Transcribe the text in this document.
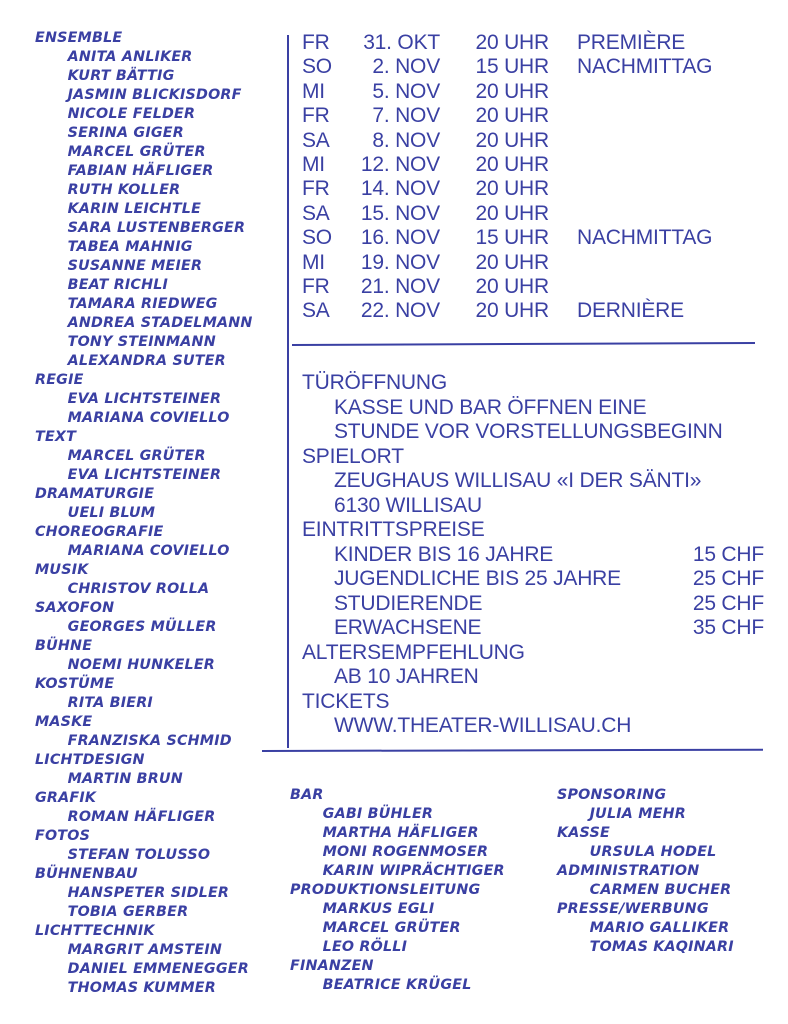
ENSEMBLE
ANITA ANLIKER
KURT BÄTTIG
JASMIN BLICKISDORF
NICOLE FELDER
SERINA GIGER
MARCEL GRÜTER
FABIAN HÄFLIGER
RUTH KOLLER
KARIN LEICHTLE
SARA LUSTENBERGER
TABEA MAHNIG
SUSANNE MEIER
BEAT RICHLI
TAMARA RIEDWEG
ANDREA STADELMANN
TONY STEINMANN
ALEXANDRA SUTER
REGIE
EVA LICHTSTEINER
MARIANA COVIELLO
TEXT
MARCEL GRÜTER
EVA LICHTSTEINER
DRAMATURGIE
UELI BLUM
CHOREOGRAFIE
MARIANA COVIELLO
MUSIK
CHRISTOV ROLLA
SAXOFON
GEORGES MÜLLER
BÜHNE
NOEMI HUNKELER
KOSTÜME
RITA BIERI
MASKE
FRANZISKA SCHMID
LICHTDESIGN
MARTIN BRUN
GRAFIK
ROMAN HÄFLIGER
FOTOS
STEFAN TOLUSSO
BÜHNENBAU
HANSPETER SIDLER
TOBIA GERBER
LICHTTECHNIK
MARGRIT AMSTEIN
DANIEL EMMENEGGER
THOMAS KUMMER
FR	31. OKT	20 UHR PREMIÈRE
SO	2. NOV	15 UHR NACHMITTAG
MI	5. NOV	20 UHR
FR	7. NOV	20 UHR
SA	8. NOV	20 UHR
MI	12. NOV	20 UHR
FR	14. NOV	20 UHR
SA	15. NOV	20 UHR
SO	16. NOV	15 UHR NACHMITTAG
MI	19. NOV	20 UHR
FR	21. NOV	20 UHR
SA	22. NOV	20 UHR DERNIÈRE
TÜRÖFFNUNG
KASSE UND BAR ÖFFNEN EINE
STUNDE VOR VORSTELLUNGSBEGINN
SPIELORT
ZEUGHAUS WILLISAU «I DER SÄNTI»
6130 WILLISAU
EINTRITTSPREISE
KINDER BIS 16 JAHRE	15 CHF
JUGENDLICHE BIS 25 JAHRE	25 CHF
STUDIERENDE	25 CHF
ERWACHSENE	35 CHF
ALTERSEMPFEHLUNG
AB 10 JAHREN
TICKETS
WWW.THEATER-WILLISAU.CH
BAR
GABI BÜHLER
MARTHA HÄFLIGER
MONI ROGENMOSER
KARIN WIPRÄCHTIGER
PRODUKTIONSLEITUNG
MARKUS EGLI
MARCEL GRÜTER
LEO RÖLLI
FINANZEN
BEATRICE KRÜGEL
SPONSORING
JULIA MEHR
KASSE
URSULA HODEL
ADMINISTRATION
CARMEN BUCHER
PRESSE/WERBUNG
MARIO GALLIKER
TOMAS KAQINARI
